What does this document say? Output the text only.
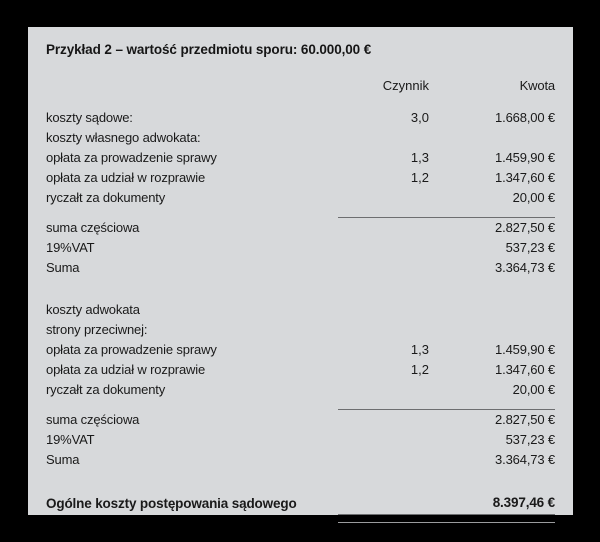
Przykład 2 – wartość przedmiotu sporu: 60.000,00 €
	Czynnik	Kwota

koszty sądowe:	3,0	1.668,00 €
koszty własnego adwokata:		
opłata za prowadzenie sprawy	1,3	1.459,90 €
opłata za udział w rozprawie	1,2	1.347,60 €
ryczałt za dokumenty		20,00 €

suma częściowa		2.827,50 €
19%VAT		537,23 €
Suma		3.364,73 €

koszty adwokata		
strony przeciwnej:		
opłata za prowadzenie sprawy	1,3	1.459,90 €
opłata za udział w rozprawie	1,2	1.347,60 €
ryczałt za dokumenty		20,00 €

suma częściowa		2.827,50 €
19%VAT		537,23 €
Suma		3.364,73 €

Ogólne koszty postępowania sądowego		8.397,46 €
